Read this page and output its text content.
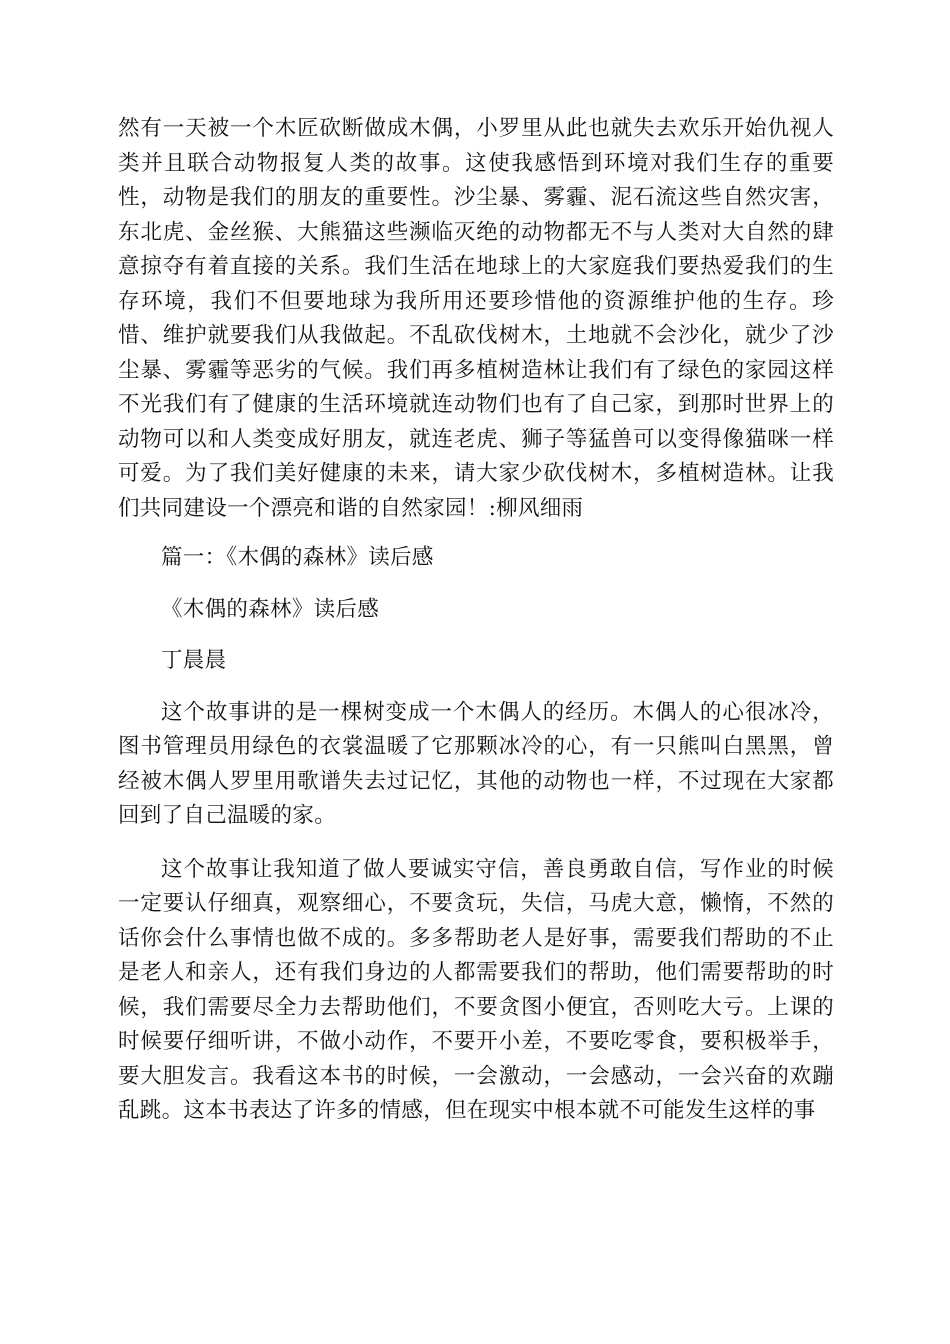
然有一天被一个木匠砍断做成木偶，小罗里从此也就失去欢乐开始仇视人类并且联合动物报复人类的故事。这使我感悟到环境对我们生存的重要性，动物是我们的朋友的重要性。沙尘暴、雾霾、泥石流这些自然灾害，东北虎、金丝猴、大熊猫这些濒临灭绝的动物都无不与人类对大自然的肆意掠夺有着直接的关系。我们生活在地球上的大家庭我们要热爱我们的生存环境，我们不但要地球为我所用还要珍惜他的资源维护他的生存。珍惜、维护就要我们从我做起。不乱砍伐树木，土地就不会沙化，就少了沙尘暴、雾霾等恶劣的气候。我们再多植树造林让我们有了绿色的家园这样不光我们有了健康的生活环境就连动物们也有了自己家，到那时世界上的动物可以和人类变成好朋友，就连老虎、狮子等猛兽可以变得像猫咪一样可爱。为了我们美好健康的未来，请大家少砍伐树木，多植树造林。让我们共同建设一个漂亮和谐的自然家园！:柳风细雨

篇一：《木偶的森林》读后感

《木偶的森林》读后感

丁晨晨

这个故事讲的是一棵树变成一个木偶人的经历。木偶人的心很冰冷，图书管理员用绿色的衣裳温暖了它那颗冰冷的心，有一只熊叫白黑黑，曾经被木偶人罗里用歌谱失去过记忆，其他的动物也一样，不过现在大家都回到了自己温暖的家。

这个故事让我知道了做人要诚实守信，善良勇敢自信，写作业的时候一定要认仔细真，观察细心，不要贪玩，失信，马虎大意，懒惰，不然的话你会什么事情也做不成的。多多帮助老人是好事，需要我们帮助的不止是老人和亲人，还有我们身边的人都需要我们的帮助，他们需要帮助的时候，我们需要尽全力去帮助他们，不要贪图小便宜，否则吃大亏。上课的时候要仔细听讲，不做小动作，不要开小差，不要吃零食，要积极举手，要大胆发言。我看这本书的时候，一会激动，一会感动，一会兴奋的欢蹦乱跳。这本书表达了许多的情感，但在现实中根本就不可能发生这样的事
